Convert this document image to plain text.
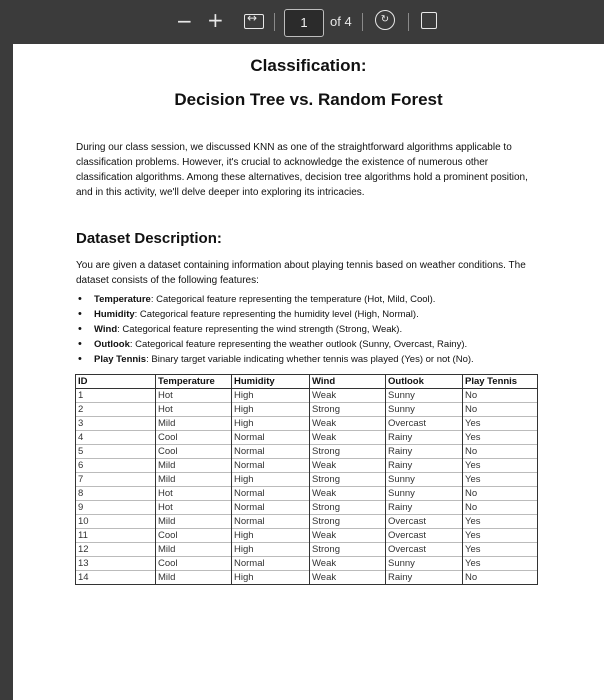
− + ↔	1	of 4	↻
Classification:
Decision Tree vs. Random Forest
During our class session, we discussed KNN as one of the straightforward algorithms applicable to classification problems. However, it's crucial to acknowledge the existence of numerous other classification algorithms. Among these alternatives, decision tree algorithms hold a prominent position, and in this activity, we'll delve deeper into exploring its intricacies.
Dataset Description:
You are given a dataset containing information about playing tennis based on weather conditions. The dataset consists of the following features:
• Temperature: Categorical feature representing the temperature (Hot, Mild, Cool).
• Humidity: Categorical feature representing the humidity level (High, Normal).
• Wind: Categorical feature representing the wind strength (Strong, Weak).
• Outlook: Categorical feature representing the weather outlook (Sunny, Overcast, Rainy).
• Play Tennis: Binary target variable indicating whether tennis was played (Yes) or not (No).
ID	Temperature	Humidity	Wind	Outlook	Play Tennis
1	Hot	High	Weak	Sunny	No
2	Hot	High	Strong	Sunny	No
3	Mild	High	Weak	Overcast	Yes
4	Cool	Normal	Weak	Rainy	Yes
5	Cool	Normal	Strong	Rainy	No
6	Mild	Normal	Weak	Rainy	Yes
7	Mild	High	Strong	Sunny	Yes
8	Hot	Normal	Weak	Sunny	No
9	Hot	Normal	Strong	Rainy	No
10	Mild	Normal	Strong	Overcast	Yes
11	Cool	High	Weak	Overcast	Yes
12	Mild	High	Strong	Overcast	Yes
13	Cool	Normal	Weak	Sunny	Yes
14	Mild	High	Weak	Rainy	No
